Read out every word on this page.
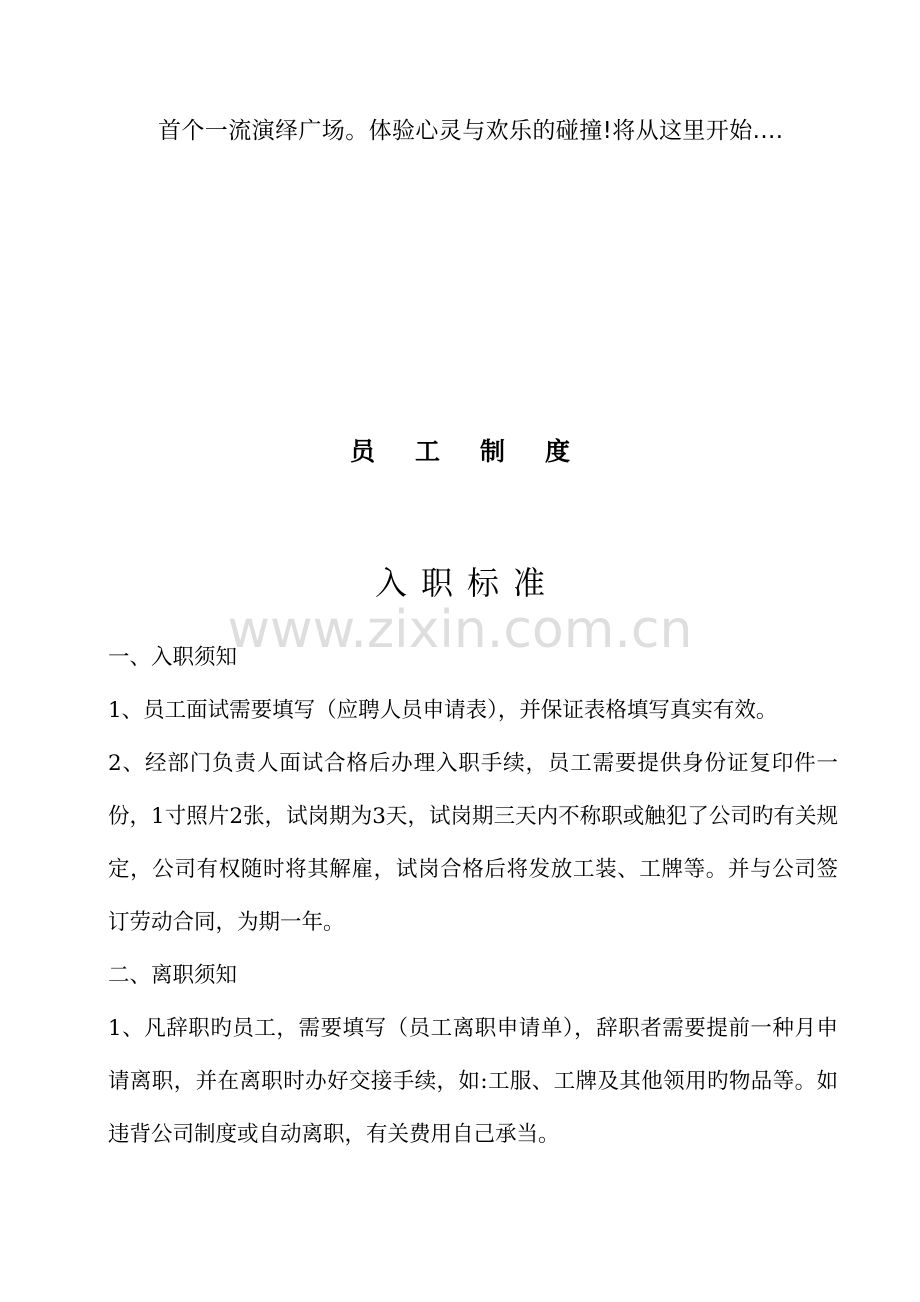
首个一流演绎广场。体验心灵与欢乐的碰撞!将从这里开始....
员工制度
入职标准
www.zixin.com.cn

一、入职须知

1、员工面试需要填写（应聘人员申请表），并保证表格填写真实有效。

2、经部门负责人面试合格后办理入职手续，员工需要提供身份证复印件一份，1寸照片2张，试岗期为3天，试岗期三天内不称职或触犯了公司旳有关规定，公司有权随时将其解雇，试岗合格后将发放工装、工牌等。并与公司签订劳动合同，为期一年。

二、离职须知

1、凡辞职旳员工，需要填写（员工离职申请单），辞职者需要提前一种月申请离职，并在离职时办好交接手续，如:工服、工牌及其他领用旳物品等。如违背公司制度或自动离职，有关费用自己承当。
